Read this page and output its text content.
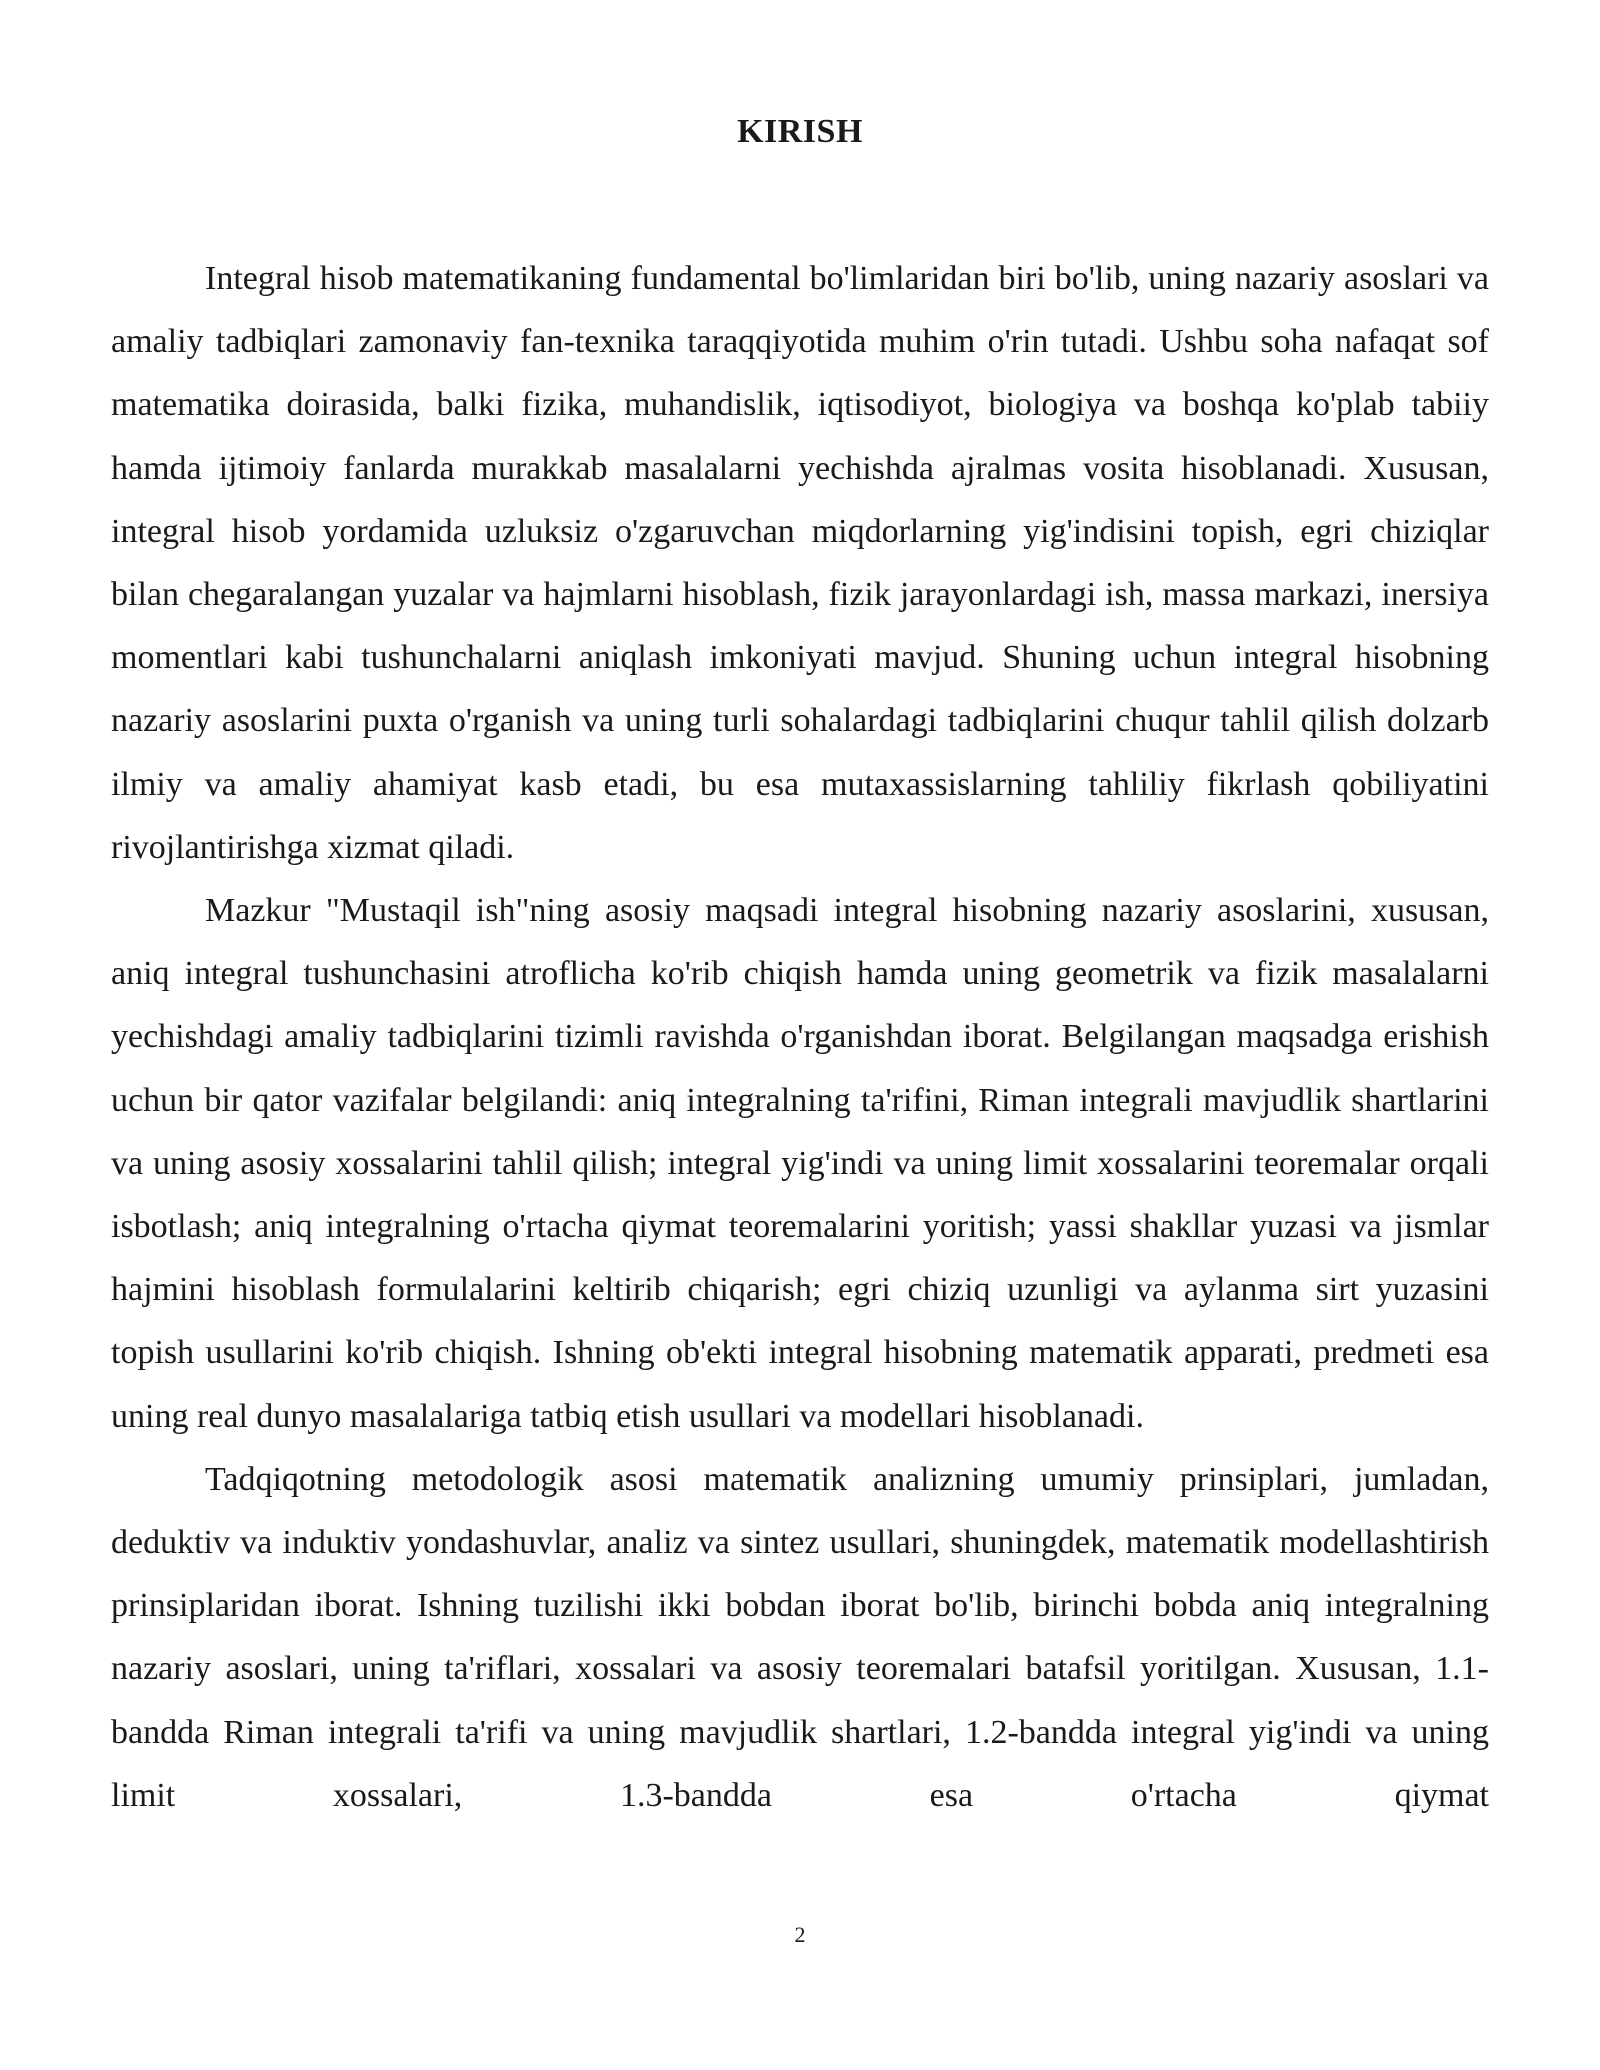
KIRISH

Integral hisob matematikaning fundamental bo'limlaridan biri bo'lib, uning nazariy asoslari va amaliy tadbiqlari zamonaviy fan-texnika taraqqiyotida muhim o'rin tutadi. Ushbu soha nafaqat sof matematika doirasida, balki fizika, muhandislik, iqtisodiyot, biologiya va boshqa ko'plab tabiiy hamda ijtimoiy fanlarda murakkab masalalarni yechishda ajralmas vosita hisoblanadi. Xususan, integral hisob yordamida uzluksiz o'zgaruvchan miqdorlarning yig'indisini topish, egri chiziqlar bilan chegaralangan yuzalar va hajmlarni hisoblash, fizik jarayonlardagi ish, massa markazi, inersiya momentlari kabi tushunchalarni aniqlash imkoniyati mavjud. Shuning uchun integral hisobning nazariy asoslarini puxta o'rganish va uning turli sohalardagi tadbiqlarini chuqur tahlil qilish dolzarb ilmiy va amaliy ahamiyat kasb etadi, bu esa mutaxassislarning tahliliy fikrlash qobiliyatini rivojlantirishga xizmat qiladi.

Mazkur "Mustaqil ish"ning asosiy maqsadi integral hisobning nazariy asoslarini, xususan, aniq integral tushunchasini atroflicha ko'rib chiqish hamda uning geometrik va fizik masalalarni yechishdagi amaliy tadbiqlarini tizimli ravishda o'rganishdan iborat. Belgilangan maqsadga erishish uchun bir qator vazifalar belgilandi: aniq integralning ta'rifini, Riman integrali mavjudlik shartlarini va uning asosiy xossalarini tahlil qilish; integral yig'indi va uning limit xossalarini teoremalar orqali isbotlash; aniq integralning o'rtacha qiymat teoremalarini yoritish; yassi shakllar yuzasi va jismlar hajmini hisoblash formulalarini keltirib chiqarish; egri chiziq uzunligi va aylanma sirt yuzasini topish usullarini ko'rib chiqish. Ishning ob'ekti integral hisobning matematik apparati, predmeti esa uning real dunyo masalalariga tatbiq etish usullari va modellari hisoblanadi.

Tadqiqotning metodologik asosi matematik analizning umumiy prinsiplari, jumladan, deduktiv va induktiv yondashuvlar, analiz va sintez usullari, shuningdek, matematik modellashtirish prinsiplaridan iborat. Ishning tuzilishi ikki bobdan iborat bo'lib, birinchi bobda aniq integralning nazariy asoslari, uning ta'riflari, xossalari va asosiy teoremalari batafsil yoritilgan. Xususan, 1.1-bandda Riman integrali ta'rifi va uning mavjudlik shartlari, 1.2-bandda integral yig'indi va uning limit xossalari, 1.3-bandda esa o'rtacha qiymat

2
